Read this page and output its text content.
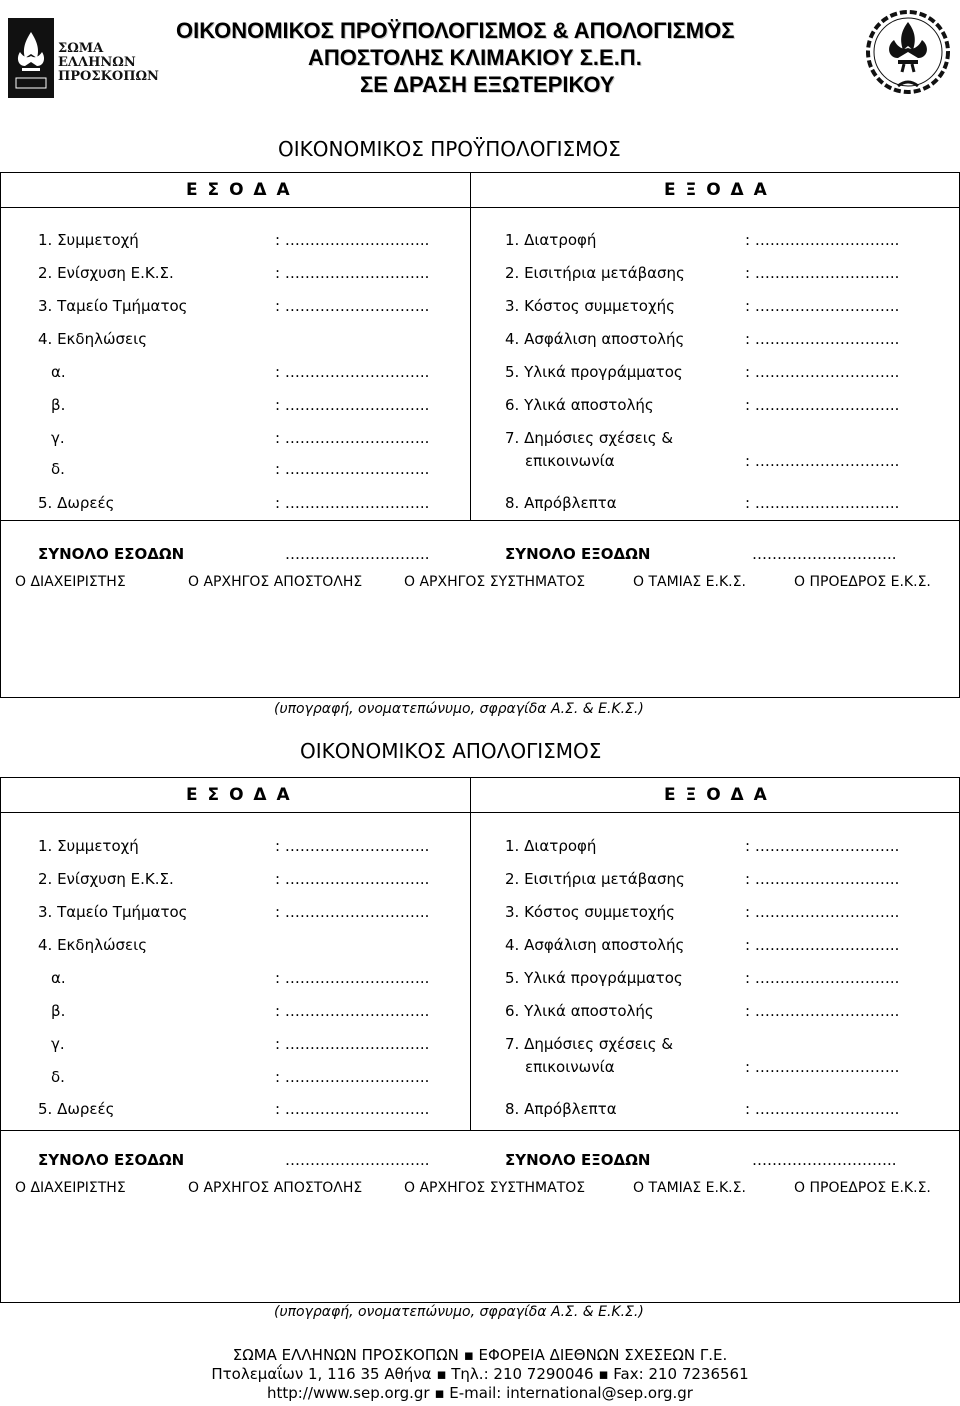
ΣΩΜΑ
ΕΛΛΗΝΩΝ
ΠΡΟΣΚΟΠΩΝ
ΟΙΚΟΝΟΜΙΚΟΣ ΠΡΟΫΠΟΛΟΓΙΣΜΟΣ & ΑΠΟΛΟΓΙΣΜΟΣ
ΑΠΟΣΤΟΛΗΣ ΚΛΙΜΑΚΙΟΥ Σ.Ε.Π.
ΣΕ ΔΡΑΣΗ ΕΞΩΤΕΡΙΚΟΥ
ΟΙΚΟΝΟΜΙΚΟΣ ΠΡΟΫΠΟΛΟΓΙΣΜΟΣ
Ε Σ Ο Δ Α	Ε Ξ Ο Δ Α
1. Συμμετοχή	: ………………………..
2. Ενίσχυση Ε.Κ.Σ.	: ………………………..
3. Ταμείο Τμήματος	: ………………………..
4. Εκδηλώσεις
α.	: ………………………..
β.	: ………………………..
γ.	: ………………………..
δ.	: ………………………..
5. Δωρεές	: ………………………..
1. Διατροφή	: ………………………..
2. Εισιτήρια μετάβασης	: ………………………..
3. Κόστος συμμετοχής	: ………………………..
4. Ασφάλιση αποστολής	: ………………………..
5. Υλικά προγράμματος	: ………………………..
6. Υλικά αποστολής	: ………………………..
7. Δημόσιες σχέσεις &
επικοινωνία	: ………………………..
8. Απρόβλεπτα	: ………………………..
ΣΥΝΟΛΟ ΕΣΟΔΩΝ	………………………..	ΣΥΝΟΛΟ ΕΞΟΔΩΝ	………………………..
Ο ΔΙΑΧΕΙΡΙΣΤΗΣ	Ο ΑΡΧΗΓΟΣ ΑΠΟΣΤΟΛΗΣ	Ο ΑΡΧΗΓΟΣ ΣΥΣΤΗΜΑΤΟΣ	Ο ΤΑΜΙΑΣ Ε.Κ.Σ.	Ο ΠΡΟΕΔΡΟΣ Ε.Κ.Σ.
(υπογραφή, ονοματεπώνυμο, σφραγίδα Α.Σ. & Ε.Κ.Σ.)
ΟΙΚΟΝΟΜΙΚΟΣ ΑΠΟΛΟΓΙΣΜΟΣ
Ε Σ Ο Δ Α	Ε Ξ Ο Δ Α
1. Συμμετοχή	: ………………………..
2. Ενίσχυση Ε.Κ.Σ.	: ………………………..
3. Ταμείο Τμήματος	: ………………………..
4. Εκδηλώσεις
α.	: ………………………..
β.	: ………………………..
γ.	: ………………………..
δ.	: ………………………..
5. Δωρεές	: ………………………..
1. Διατροφή	: ………………………..
2. Εισιτήρια μετάβασης	: ………………………..
3. Κόστος συμμετοχής	: ………………………..
4. Ασφάλιση αποστολής	: ………………………..
5. Υλικά προγράμματος	: ………………………..
6. Υλικά αποστολής	: ………………………..
7. Δημόσιες σχέσεις &
επικοινωνία	: ………………………..
8. Απρόβλεπτα	: ………………………..
ΣΥΝΟΛΟ ΕΣΟΔΩΝ	………………………..	ΣΥΝΟΛΟ ΕΞΟΔΩΝ	………………………..
Ο ΔΙΑΧΕΙΡΙΣΤΗΣ	Ο ΑΡΧΗΓΟΣ ΑΠΟΣΤΟΛΗΣ	Ο ΑΡΧΗΓΟΣ ΣΥΣΤΗΜΑΤΟΣ	Ο ΤΑΜΙΑΣ Ε.Κ.Σ.	Ο ΠΡΟΕΔΡΟΣ Ε.Κ.Σ.
(υπογραφή, ονοματεπώνυμο, σφραγίδα Α.Σ. & Ε.Κ.Σ.)
ΣΩΜΑ ΕΛΛΗΝΩΝ ΠΡΟΣΚΟΠΩΝ ▪ ΕΦΟΡΕΙΑ ΔΙΕΘΝΩΝ ΣΧΕΣΕΩΝ Γ.Ε.
Πτολεμαΐων 1, 116 35 Αθήνα ▪ Τηλ.: 210 7290046 ▪ Fax: 210 7236561
http://www.sep.org.gr ▪ E-mail: international@sep.org.gr
